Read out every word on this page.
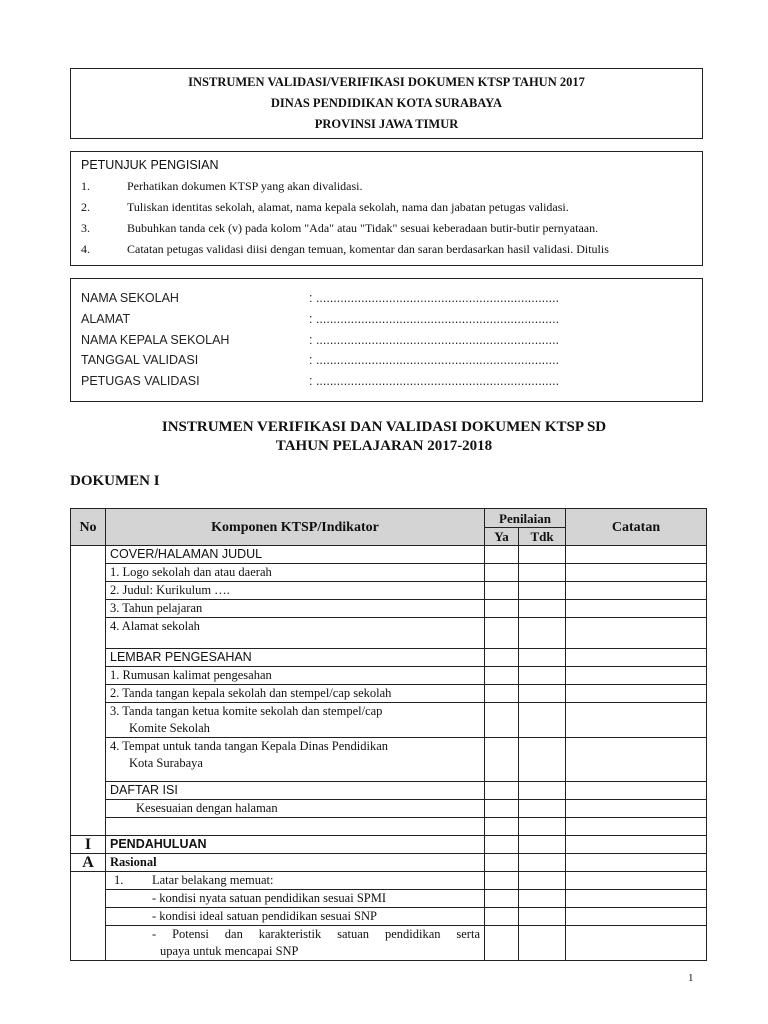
INSTRUMEN VALIDASI/VERIFIKASI DOKUMEN KTSP TAHUN 2017
DINAS PENDIDIKAN KOTA SURABAYA
PROVINSI JAWA TIMUR
PETUNJUK PENGISIAN
1.	Perhatikan dokumen KTSP yang akan divalidasi.
2.	Tuliskan identitas sekolah, alamat, nama kepala sekolah, nama dan jabatan petugas validasi.
3.	Bubuhkan tanda cek (v) pada kolom "Ada" atau "Tidak" sesuai keberadaan butir-butir pernyataan.
4.	Catatan petugas validasi diisi dengan temuan, komentar dan saran berdasarkan hasil validasi. Ditulis
NAMA SEKOLAH	: ......................................................................
ALAMAT	: ......................................................................
NAMA KEPALA SEKOLAH	: ......................................................................
TANGGAL VALIDASI	: ......................................................................
PETUGAS VALIDASI	: ......................................................................
INSTRUMEN VERIFIKASI DAN VALIDASI DOKUMEN KTSP SD
TAHUN PELAJARAN 2017-2018
DOKUMEN I
No	Komponen KTSP/Indikator	Penilaian		Catatan
		Ya	Tdk	
	COVER/HALAMAN JUDUL			
	1. Logo sekolah dan atau daerah			
	2. Judul: Kurikulum ….			
	3. Tahun pelajaran			
	4. Alamat sekolah			
	LEMBAR PENGESAHAN			
	1. Rumusan kalimat pengesahan			
	2. Tanda tangan kepala sekolah dan stempel/cap sekolah			

	3. Tanda tangan ketua komite sekolah dan stempel/cap
Komite Sekolah			

	4. Tempat untuk tanda tangan Kepala Dinas Pendidikan
Kota Surabaya			

	DAFTAR ISI			
	Kesesuaian dengan halaman			

I	PENDAHULUAN			
A	Rasional			
	1. Latar belakang memuat:			
	- kondisi nyata satuan pendidikan sesuai SPMI			
	- kondisi ideal satuan pendidikan sesuai SNP			

	- Potensi dan karakteristik satuan pendidikan serta
upaya untuk mencapai SNP			

1
